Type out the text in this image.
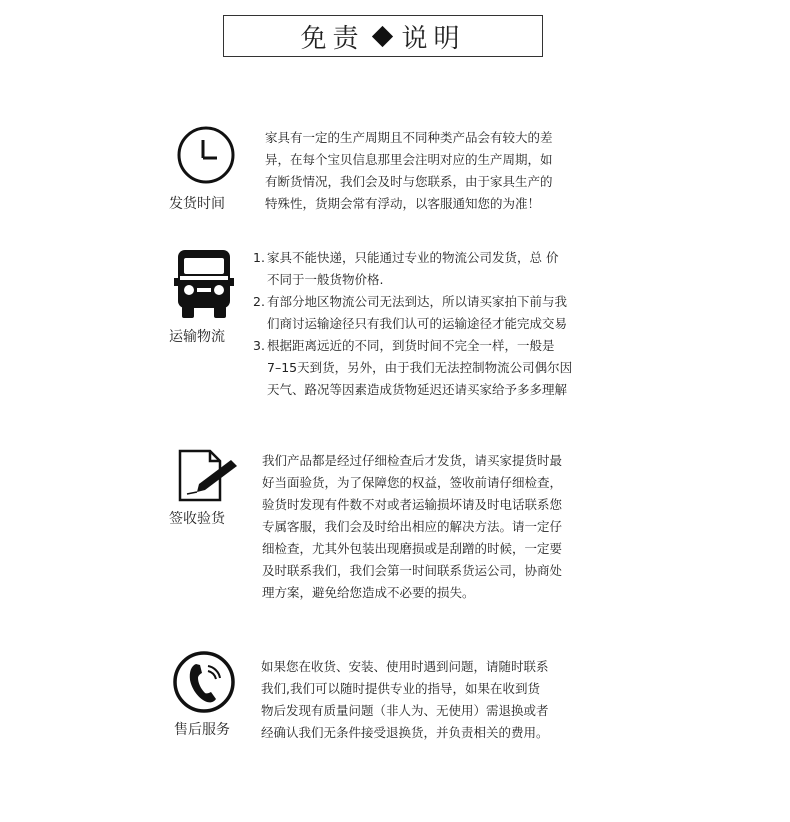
免责 说明
发货时间
家具有一定的生产周期且不同种类产品会有较大的差
异，在每个宝贝信息那里会注明对应的生产周期，如
有断货情况，我们会及时与您联系，由于家具生产的
特殊性，货期会常有浮动，以客服通知您的为准！
运输物流
1. 家具不能快递，只能通过专业的物流公司发货，总 价
不同于一般货物价格.
2. 有部分地区物流公司无法到达，所以请买家拍下前与我
们商讨运输途径只有我们认可的运输途径才能完成交易
3. 根据距离远近的不同，到货时间不完全一样，一般是
7–15天到货，另外，由于我们无法控制物流公司偶尔因
天气、路况等因素造成货物延迟还请买家给予多多理解
签收验货
我们产品都是经过仔细检查后才发货，请买家提货时最
好当面验货，为了保障您的权益，签收前请仔细检查，
验货时发现有件数不对或者运输损坏请及时电话联系您
专属客服，我们会及时给出相应的解决方法。请一定仔
细检查，尤其外包装出现磨损或是刮蹭的时候，一定要
及时联系我们，我们会第一时间联系货运公司，协商处
理方案，避免给您造成不必要的损失。
售后服务
如果您在收货、安装、使用时遇到问题，请随时联系
我们,我们可以随时提供专业的指导，如果在收到货
物后发现有质量问题（非人为、无使用）需退换或者
经确认我们无条件接受退换货，并负责相关的费用。
